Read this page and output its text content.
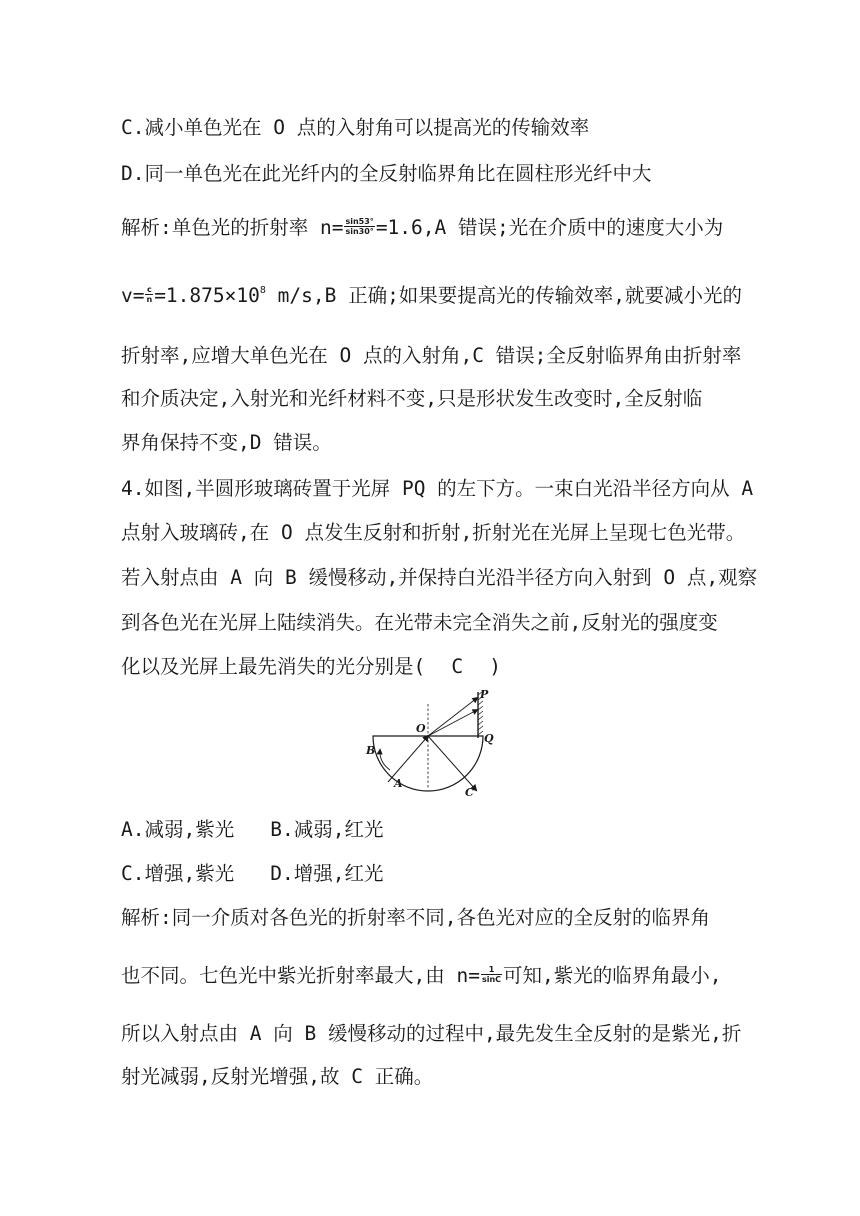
C.减小单色光在 O 点的入射角可以提高光的传输效率
D.同一单色光在此光纤内的全反射临界角比在圆柱形光纤中大
解析:单色光的折射率 $n= \frac{\sin 53^\circ}{\sin 30^\circ} =1.6,A$ 错误;光在介质中的速度大小为
$v= \frac{c}{n} =1.875\times 10^8$ m/s,B 正确;如果要提高光的传输效率,就要减小光的
折射率,应增大单色光在 O 点的入射角,C 错误;全反射临界角由折射率
和介质决定,入射光和光纤材料不变,只是形状发生改变时,全反射临
界角保持不变,D 错误。
4.如图,半圆形玻璃砖置于光屏 PQ 的左下方。一束白光沿半径方向从 A
点射入玻璃砖,在 O 点发生反射和折射,折射光在光屏上呈现七色光带。
若入射点由 A 向 B 缓慢移动,并保持白光沿半径方向入射到 O 点,观察
到各色光在光屏上陆续消失。在光带未完全消失之前,反射光的强度变
化以及光屏上最先消失的光分别是( C )
P
Q
O
B
A
C
A.减弱,紫光 B.减弱,红光
C.增强,紫光 D.增强,红光
解析:同一介质对各色光的折射率不同,各色光对应的全反射的临界角
也不同。七色光中紫光折射率最大,由 $n= \frac{1}{\sin C}$ 可知,紫光的临界角最小,
所以入射点由 A 向 B 缓慢移动的过程中,最先发生全反射的是紫光,折
射光减弱,反射光增强,故 C 正确。
